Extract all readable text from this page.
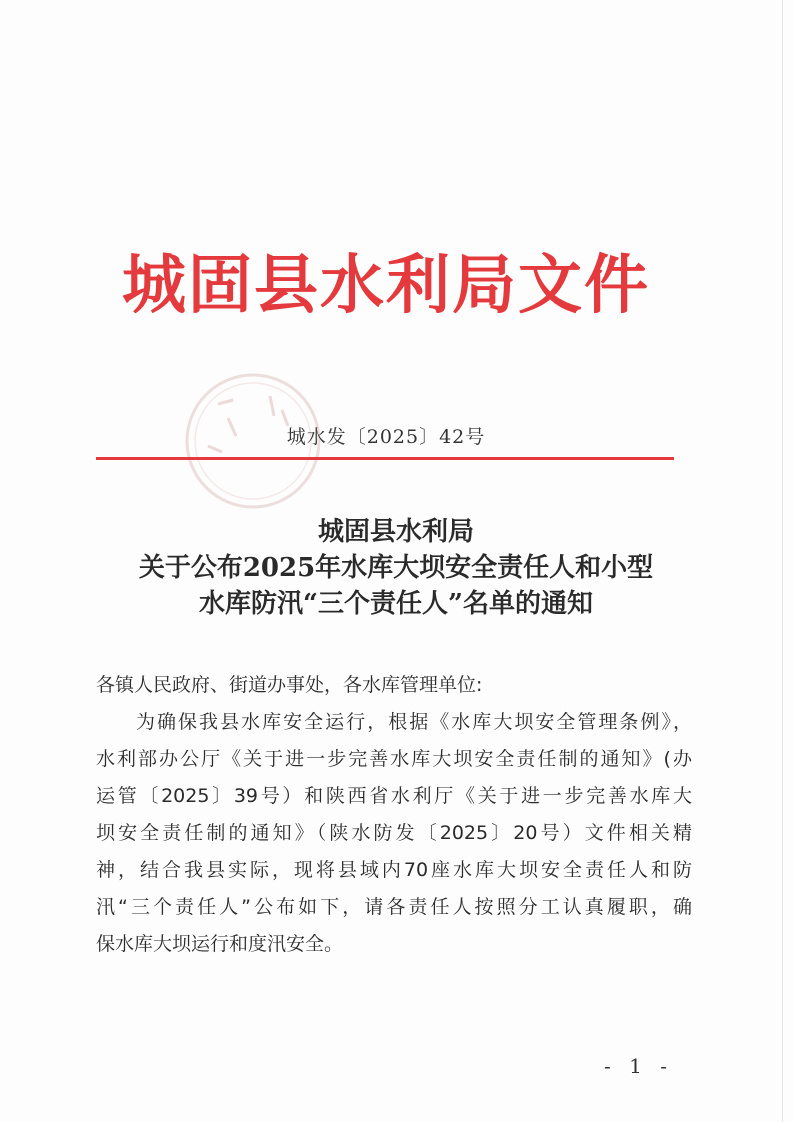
城固县水利局文件
城水发〔2025〕42号
城固县水利局
关于公布2025年水库大坝安全责任人和小型
水库防汛“三个责任人”名单的通知
各镇人民政府、街道办事处，各水库管理单位:
为确保我县水库安全运行，根据《水库大坝安全管理条例》，
水利部办公厅《关于进一步完善水库大坝安全责任制的通知》(办
运管〔2025〕39号）和陕西省水利厅《关于进一步完善水库大
坝安全责任制的通知》（陕水防发〔2025〕20号）文件相关精
神，结合我县实际，现将县域内70座水库大坝安全责任人和防
汛“三个责任人”公布如下，请各责任人按照分工认真履职，确
保水库大坝运行和度汛安全。
- 1 -
